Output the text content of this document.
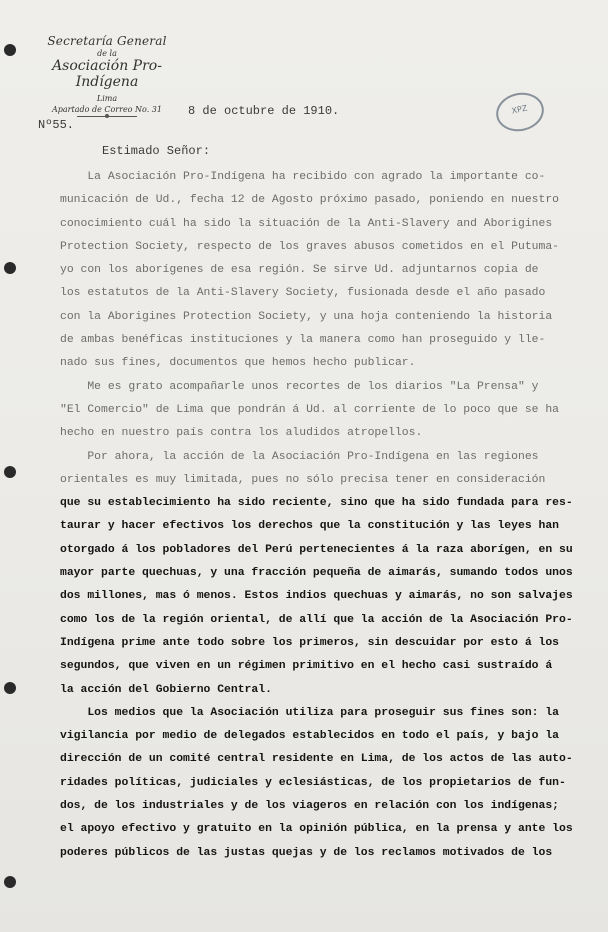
Secretaría General
de la
Asociación Pro-Indígena
Lima
Apartado de Correo No. 31	XPZ
8 de octubre de 1910.
Nº55.
Estimado Señor:
La Asociación Pro-Indígena ha recibido con agrado la importante co-
municación de Ud., fecha 12 de Agosto próximo pasado, poniendo en nuestro
conocimiento cuál ha sido la situación de la Anti-Slavery and Aborigines
Protection Society, respecto de los graves abusos cometidos en el Putuma-
yo con los aborígenes de esa región. Se sirve Ud. adjuntarnos copia de
los estatutos de la Anti-Slavery Society, fusionada desde el año pasado
con la Aborigines Protection Society, y una hoja conteniendo la historia
de ambas benéficas instituciones y la manera como han proseguido y lle-
nado sus fines, documentos que hemos hecho publicar.
Me es grato acompañarle unos recortes de los diarios "La Prensa" y
"El Comercio" de Lima que pondrán á Ud. al corriente de lo poco que se ha
hecho en nuestro país contra los aludidos atropellos.
Por ahora, la acción de la Asociación Pro-Indígena en las regiones
orientales es muy limitada, pues no sólo precisa tener en consideración
que su establecimiento ha sido reciente, sino que ha sido fundada para res-
taurar y hacer efectivos los derechos que la constitución y las leyes han
otorgado á los pobladores del Perú pertenecientes á la raza aborígen, en su
mayor parte quechuas, y una fracción pequeña de aimarás, sumando todos unos
dos millones, mas ó menos. Estos indios quechuas y aimarás, no son salvajes
como los de la región oriental, de allí que la acción de la Asociación Pro-
Indígena prime ante todo sobre los primeros, sin descuidar por esto á los
segundos, que viven en un régimen primitivo en el hecho casi sustraído á
la acción del Gobierno Central.
Los medios que la Asociación utiliza para proseguir sus fines son: la
vigilancia por medio de delegados establecidos en todo el país, y bajo la
dirección de un comité central residente en Lima, de los actos de las auto-
ridades políticas, judiciales y eclesiásticas, de los propietarios de fun-
dos, de los industriales y de los viageros en relación con los indígenas;
el apoyo efectivo y gratuito en la opinión pública, en la prensa y ante los
poderes públicos de las justas quejas y de los reclamos motivados de los
